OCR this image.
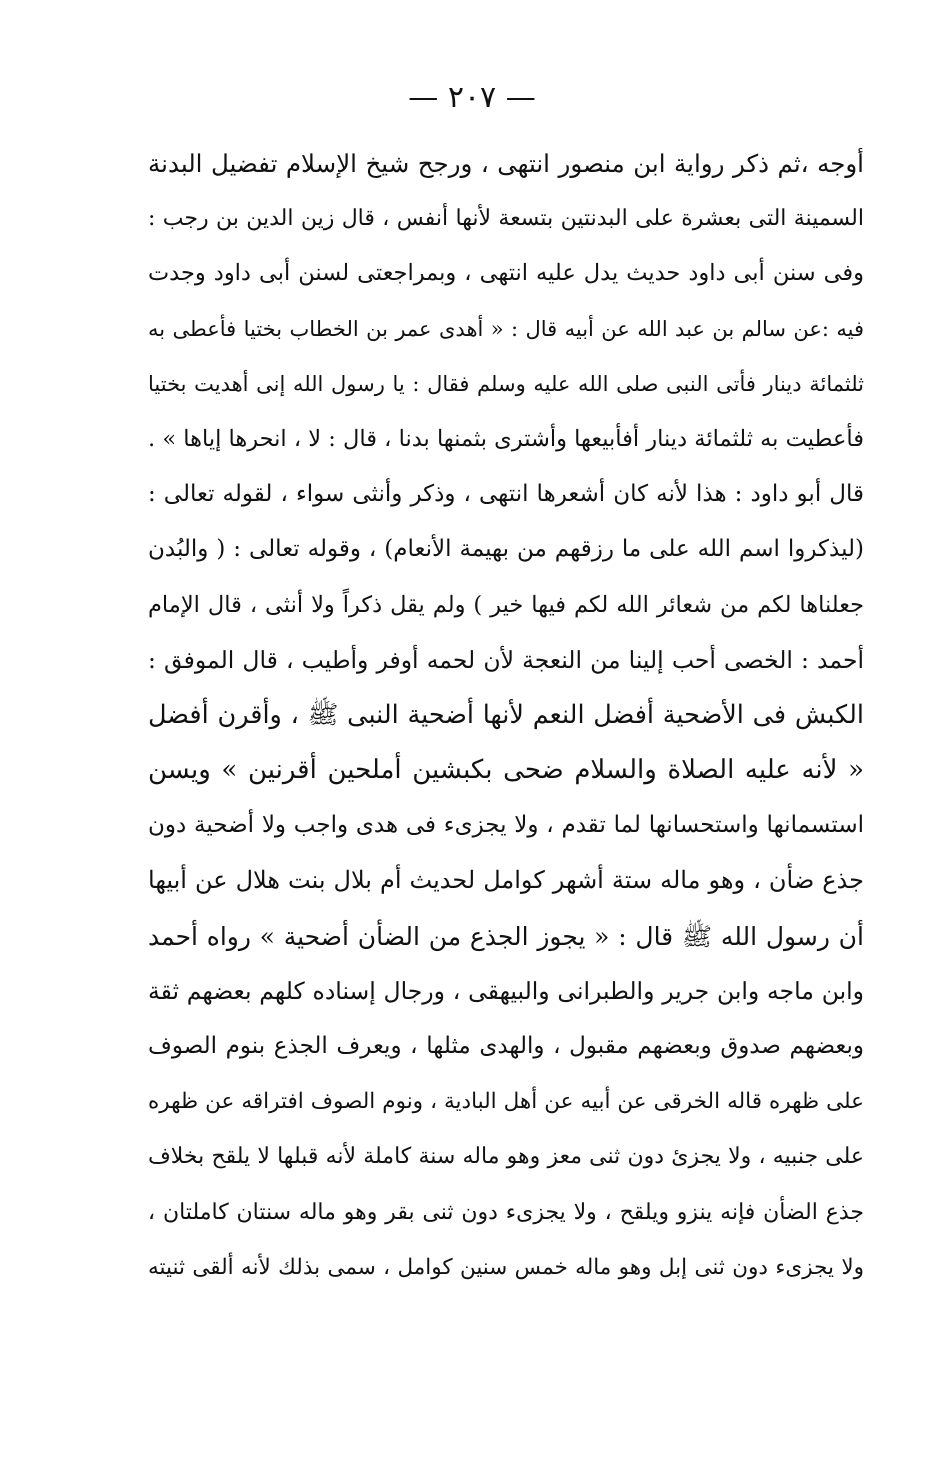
— ٢٠٧ —
أوجه ،ثم ذكر رواية ابن منصور انتهى ، ورجح شيخ الإسلام تفضيل البدنة
السمينة التى بعشرة على البدنتين بتسعة لأنها أنفس ، قال زين الدين بن رجب :
وفى سنن أبى داود حديث يدل عليه انتهى ، وبمراجعتى لسنن أبى داود وجدت
فيه :عن سالم بن عبد الله عن أبيه قال : « أهدى عمر بن الخطاب بختيا فأعطى به
ثلثمائة دينار فأتى النبى صلى الله عليه وسلم فقال : يا رسول الله إنى أهديت بختيا
فأعطيت به ثلثمائة دينار أفأبيعها وأشترى بثمنها بدنا ، قال : لا ، انحرها إياها » .
قال أبو داود : هذا لأنه كان أشعرها انتهى ، وذكر وأنثى سواء ، لقوله تعالى :
(ليذكروا اسم الله على ما رزقهم من بهيمة الأنعام) ، وقوله تعالى : ( والبُدن
جعلناها لكم من شعائر الله لكم فيها خير ) ولم يقل ذكراً ولا أنثى ، قال الإمام
أحمد : الخصى أحب إلينا من النعجة لأن لحمه أوفر وأطيب ، قال الموفق :
الكبش فى الأضحية أفضل النعم لأنها أضحية النبى ﷺ ، وأقرن أفضل
« لأنه عليه الصلاة والسلام ضحى بكبشين أملحين أقرنين » ويسن
استسمانها واستحسانها لما تقدم ، ولا يجزىء فى هدى واجب ولا أضحية دون
جذع ضأن ، وهو ماله ستة أشهر كوامل لحديث أم بلال بنت هلال عن أبيها
أن رسول الله ﷺ قال : « يجوز الجذع من الضأن أضحية » رواه أحمد
وابن ماجه وابن جرير والطبرانى والبيهقى ، ورجال إسناده كلهم بعضهم ثقة
وبعضهم صدوق وبعضهم مقبول ، والهدى مثلها ، ويعرف الجذع بنوم الصوف
على ظهره قاله الخرقى عن أبيه عن أهل البادية ، ونوم الصوف افتراقه عن ظهره
على جنبيه ، ولا يجزئ دون ثنى معز وهو ماله سنة كاملة لأنه قبلها لا يلقح بخلاف
جذع الضأن فإنه ينزو ويلقح ، ولا يجزىء دون ثنى بقر وهو ماله سنتان كاملتان ،
ولا يجزىء دون ثنى إبل وهو ماله خمس سنين كوامل ، سمى بذلك لأنه ألقى ثنيته
